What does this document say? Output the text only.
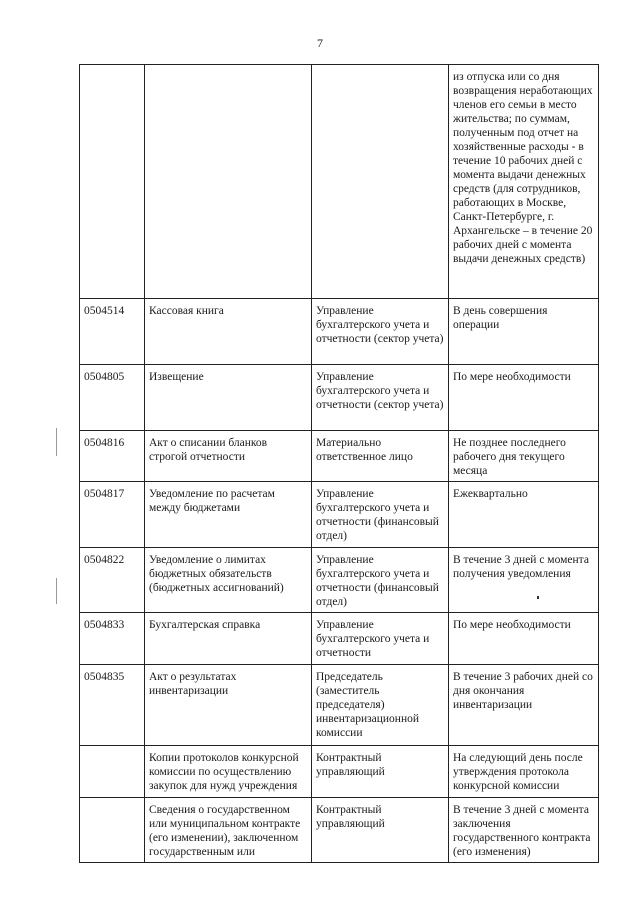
7

			из отпуска или со дня возвращения неработающих членов его семьи в место жительства; по суммам, полученным под отчет на хозяйственные расходы - в течение 10 рабочих дней с момента выдачи денежных средств (для сотрудников, работающих в Москве, Санкт-Петербурге, г. Архангельске – в течение 20 рабочих дней с момента выдачи денежных средств)

0504514	Кассовая книга	Управление бухгалтерского учета и отчетности (сектор учета)	В день совершения операции

0504805	Извещение	Управление бухгалтерского учета и отчетности (сектор учета)	По мере необходимости

0504816	Акт о списании бланков строгой отчетности	Материально ответственное лицо	Не позднее последнего рабочего дня текущего месяца

0504817	Уведомление по расчетам между бюджетами	Управление бухгалтерского учета и отчетности (финансовый отдел)	Ежеквартально

0504822	Уведомление о лимитах бюджетных обязательств (бюджетных ассигнований)	Управление бухгалтерского учета и отчетности (финансовый отдел)	В течение 3 дней с момента получения уведомления

0504833	Бухгалтерская справка	Управление бухгалтерского учета и отчетности	По мере необходимости

0504835	Акт о результатах инвентаризации	Председатель (заместитель председателя) инвентаризационной комиссии	В течение 3 рабочих дней со дня окончания инвентаризации

	Копии протоколов конкурсной комиссии по осуществлению закупок для нужд учреждения	Контрактный управляющий	На следующий день после утверждения протокола конкурсной комиссии

	Сведения о государственном или муниципальном контракте (его изменении), заключенном государственным или	Контрактный управляющий	В течение 3 дней с момента заключения государственного контракта (его изменения)
